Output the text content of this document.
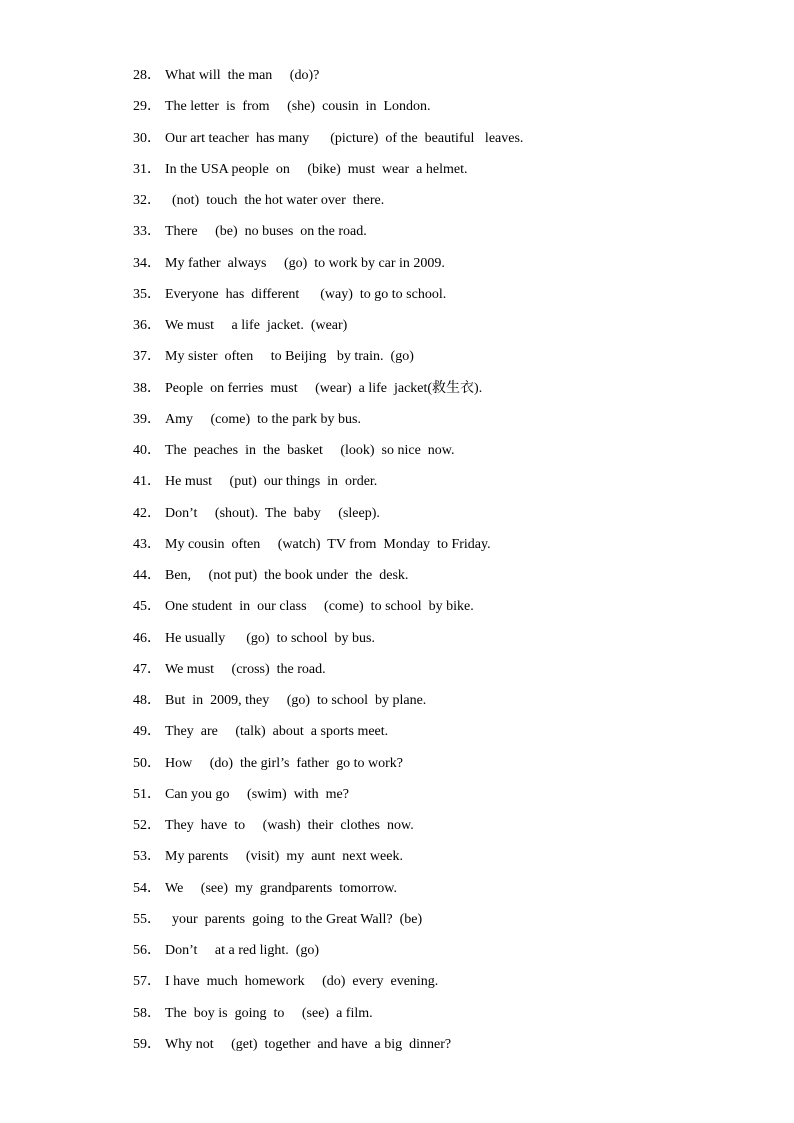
28． What will  the man     (do)?
29． The letter  is  from     (she)  cousin  in  London.
30． Our art teacher  has many      (picture)  of the  beautiful   leaves.
31． In the USA people  on     (bike)  must  wear  a helmet.
32． (not)  touch  the hot water over  there.
33． There     (be)  no buses  on the road.
34． My father  always     (go)  to work by car in 2009.
35． Everyone  has  different      (way)  to go to school.
36． We must     a life  jacket.  (wear)
37． My sister  often     to Beijing   by train.  (go)
38． People  on ferries  must     (wear)  a life  jacket(救生衣).
39． Amy     (come)  to the park by bus.
40． The  peaches  in  the  basket     (look)  so nice  now.
41． He must     (put)  our things  in  order.
42． Don’t     (shout).  The  baby     (sleep).
43． My cousin  often     (watch)  TV from  Monday  to Friday.
44． Ben,     (not put)  the book under  the  desk.
45． One student  in  our class     (come)  to school  by bike.
46． He usually      (go)  to school  by bus.
47． We must     (cross)  the road.
48． But  in  2009, they     (go)  to school  by plane.
49． They  are     (talk)  about  a sports meet.
50． How     (do)  the girl’s  father  go to work?
51． Can you go     (swim)  with  me?
52． They  have  to     (wash)  their  clothes  now.
53． My parents     (visit)  my  aunt  next week.
54． We     (see)  my  grandparents  tomorrow.
55． your  parents  going  to the Great Wall?  (be)
56． Don’t     at a red light.  (go)
57． I have  much  homework     (do)  every  evening.
58． The  boy is  going  to     (see)  a film.
59． Why not     (get)  together  and have  a big  dinner?
